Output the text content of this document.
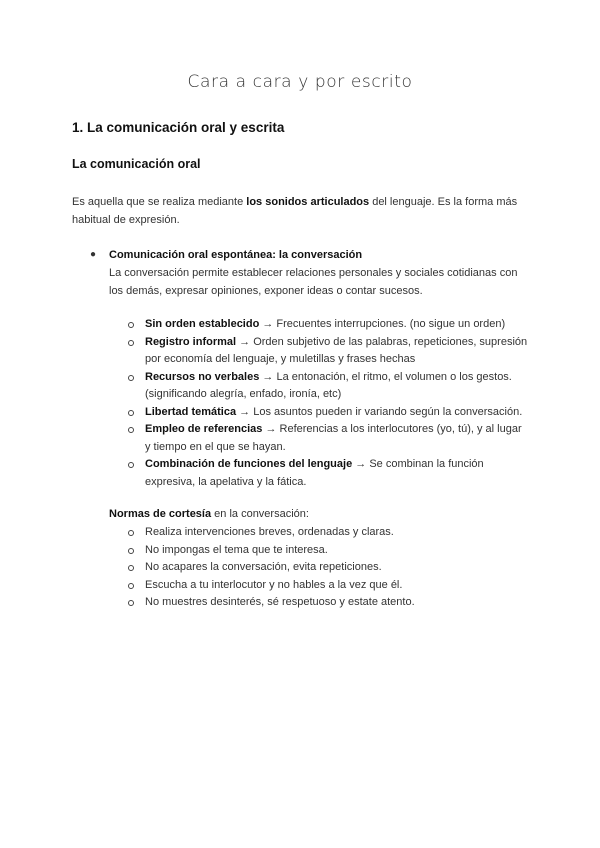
Cara a cara y por escrito
1. La comunicación oral y escrita
La comunicación oral
Es aquella que se realiza mediante los sonidos articulados del lenguaje. Es la forma más habitual de expresión.
● Comunicación oral espontánea: la conversación
La conversación permite establecer relaciones personales y sociales cotidianas con los demás, expresar opiniones, exponer ideas o contar sucesos.
Sin orden establecido → Frecuentes interrupciones. (no sigue un orden)
Registro informal → Orden subjetivo de las palabras, repeticiones, supresión por economía del lenguaje, y muletillas y frases hechas
Recursos no verbales → La entonación, el ritmo, el volumen o los gestos. (significando alegría, enfado, ironía, etc)
Libertad temática → Los asuntos pueden ir variando según la conversación.
Empleo de referencias → Referencias a los interlocutores (yo, tú), y al lugar y tiempo en el que se hayan.
Combinación de funciones del lenguaje → Se combinan la función expresiva, la apelativa y la fática.
Normas de cortesía en la conversación:
Realiza intervenciones breves, ordenadas y claras.
No impongas el tema que te interesa.
No acapares la conversación, evita repeticiones.
Escucha a tu interlocutor y no hables a la vez que él.
No muestres desinterés, sé respetuoso y estate atento.
